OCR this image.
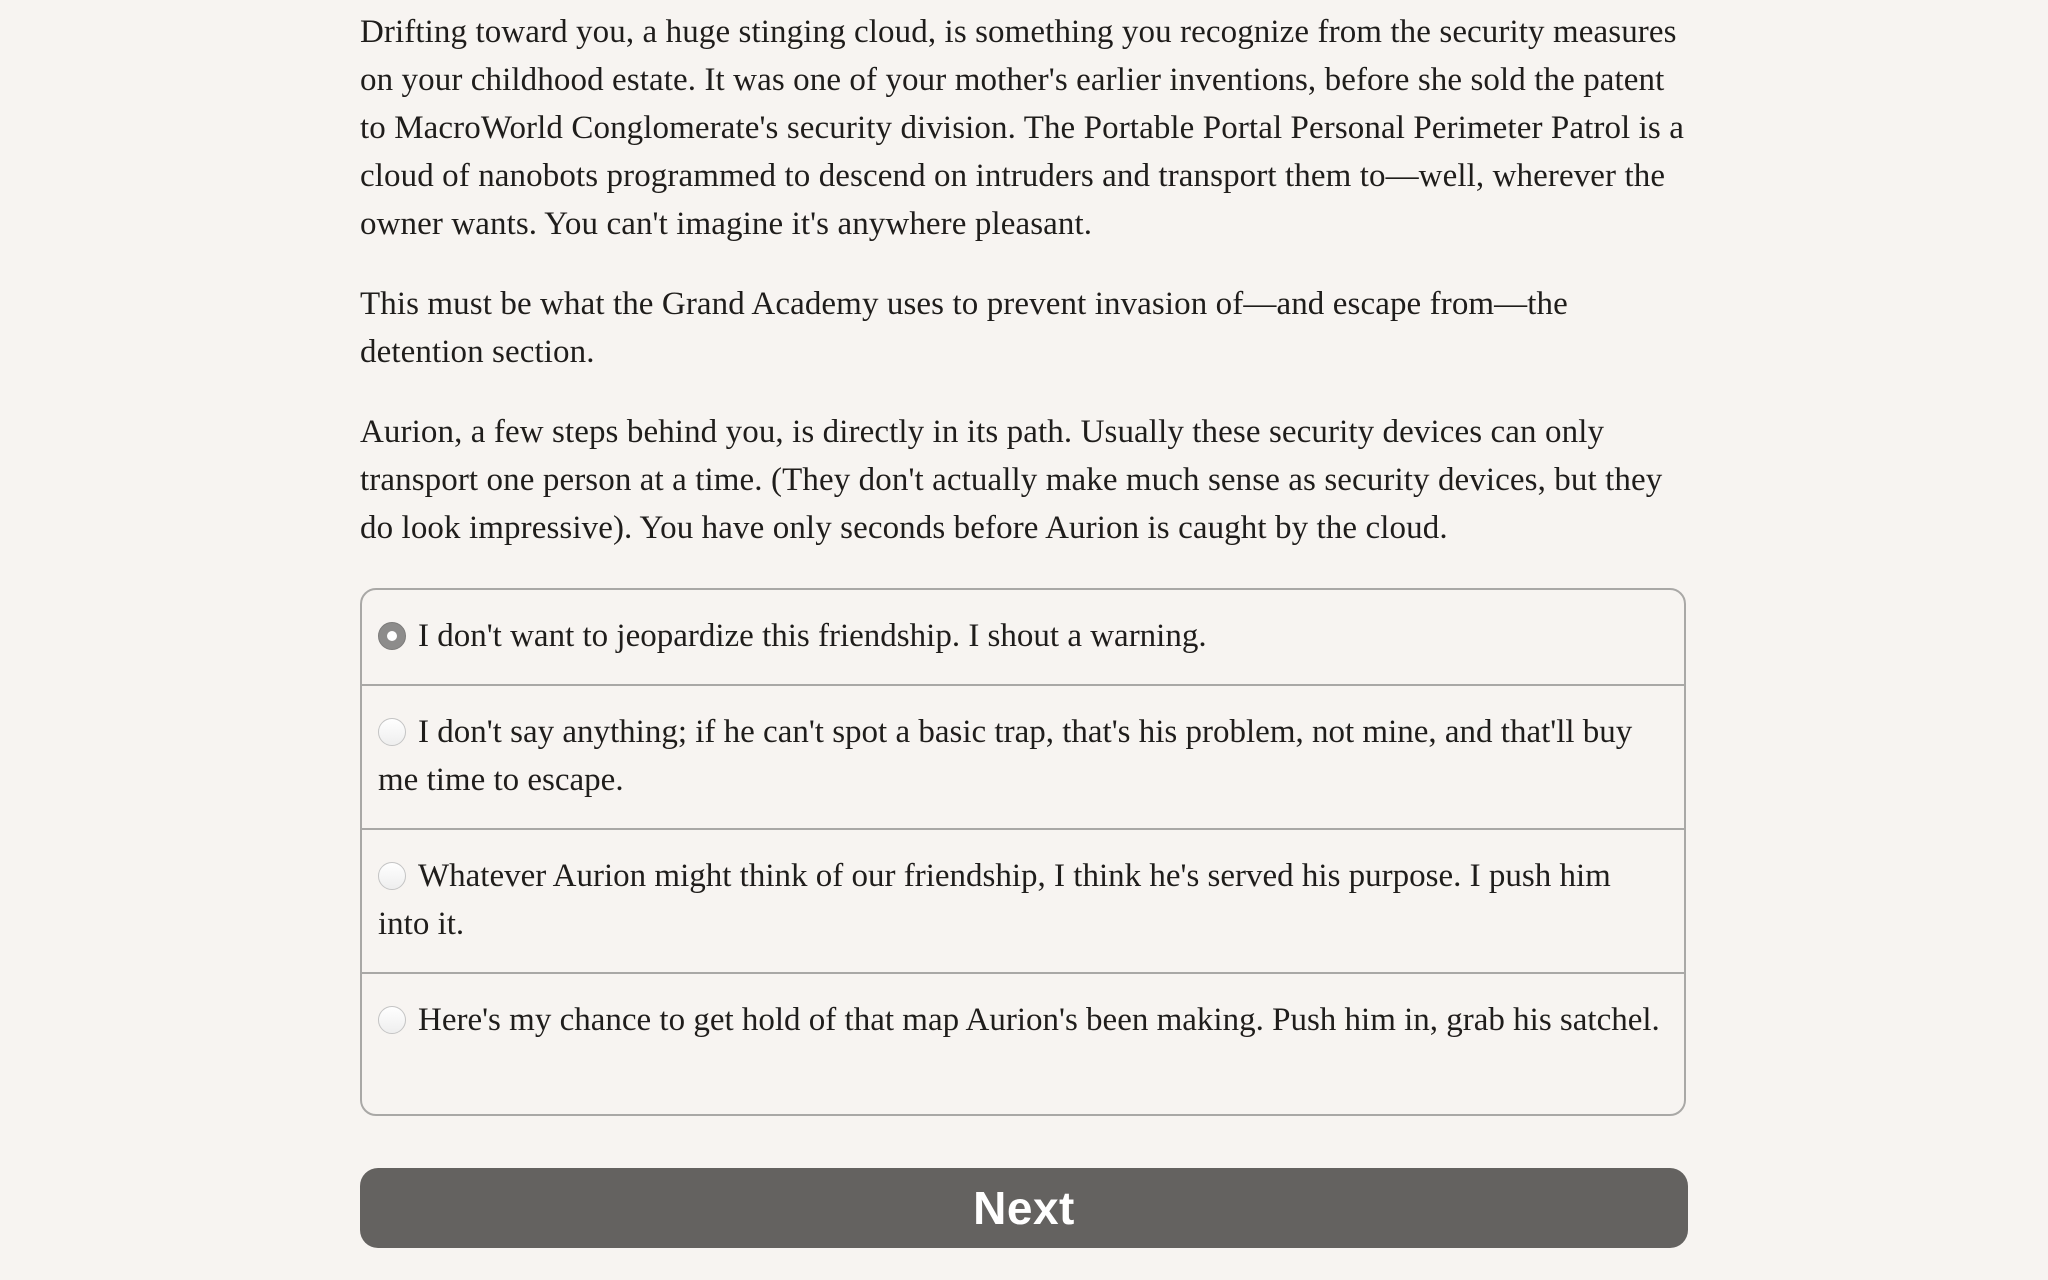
Drifting toward you, a huge stinging cloud, is something you recognize from the security measures on your childhood estate. It was one of your mother's earlier inventions, before she sold the patent to MacroWorld Conglomerate's security division. The Portable Portal Personal Perimeter Patrol is a cloud of nanobots programmed to descend on intruders and transport them to—well, wherever the owner wants. You can't imagine it's anywhere pleasant.

This must be what the Grand Academy uses to prevent invasion of—and escape from—the detention section.

Aurion, a few steps behind you, is directly in its path. Usually these security devices can only transport one person at a time. (They don't actually make much sense as security devices, but they do look impressive). You have only seconds before Aurion is caught by the cloud.

I don't want to jeopardize this friendship. I shout a warning.
I don't say anything; if he can't spot a basic trap, that's his problem, not mine, and that'll buy me time to escape.
Whatever Aurion might think of our friendship, I think he's served his purpose. I push him into it.
Here's my chance to get hold of that map Aurion's been making. Push him in, grab his satchel.
Next
